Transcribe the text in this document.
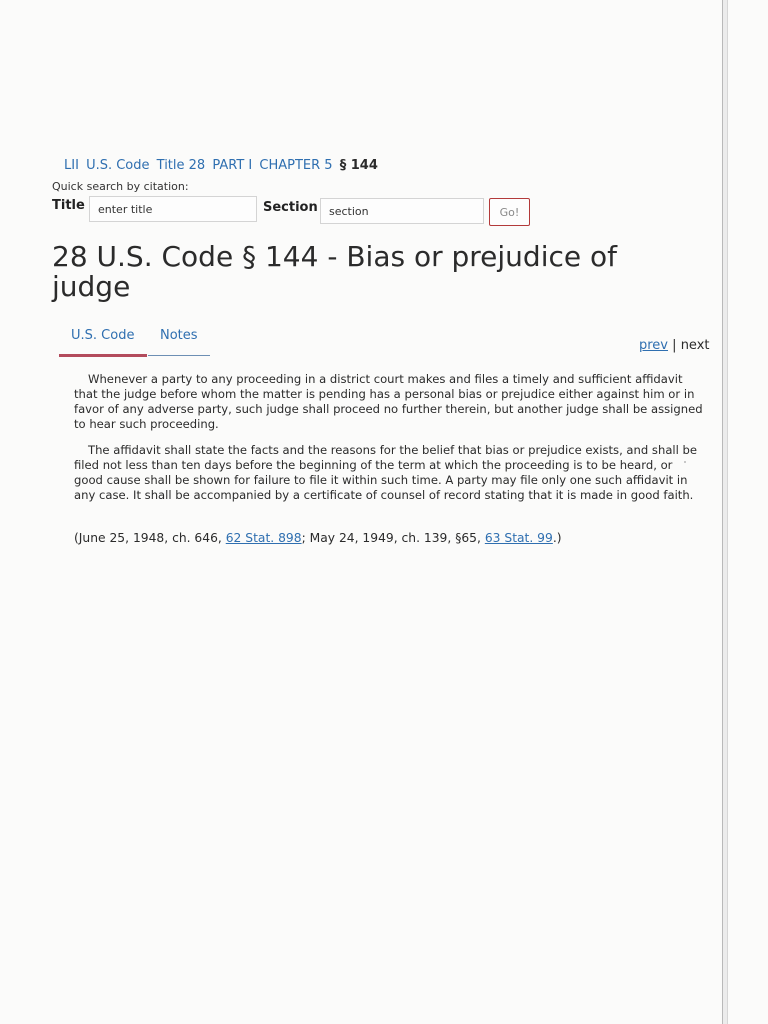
LII U.S. Code Title 28 PART I CHAPTER 5 § 144
Quick search by citation:
Title
enter title	Section
section	Go!
28 U.S. Code § 144 - Bias or prejudice of judge
U.S. Code Notes
prev | next

Whenever a party to any proceeding in a district court makes and files a timely and sufficient affidavit that the judge before whom the matter is pending has a personal bias or prejudice either against him or in favor of any adverse party, such judge shall proceed no further therein, but another judge shall be assigned to hear such proceeding.

The affidavit shall state the facts and the reasons for the belief that bias or prejudice exists, and shall be filed not less than ten days before the beginning of the term at which the proceeding is to be heard, or good cause shall be shown for failure to file it within such time. A party may file only one such affidavit in any case. It shall be accompanied by a certificate of counsel of record stating that it is made in good faith.

(June 25, 1948, ch. 646, 62 Stat. 898; May 24, 1949, ch. 139, §65, 63 Stat. 99.)
